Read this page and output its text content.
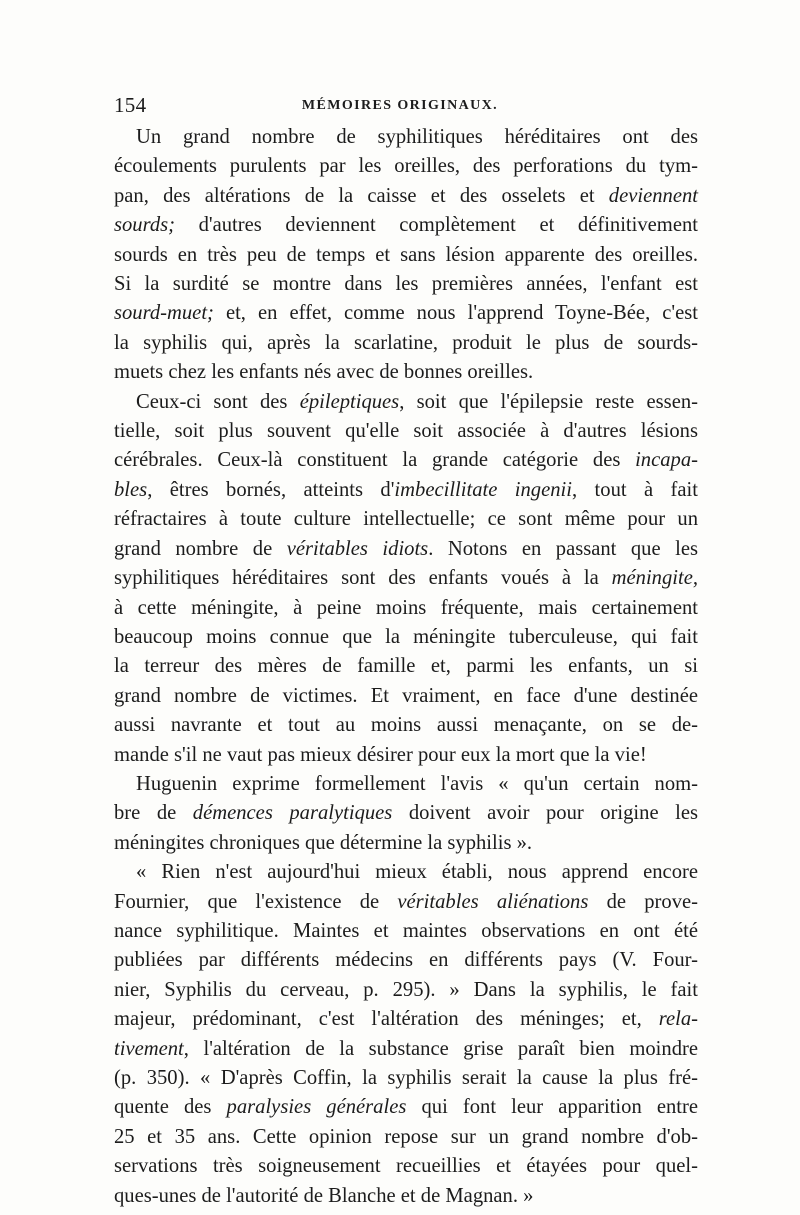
154	MÉMOIRES ORIGINAUX.
Un grand nombre de syphilitiques héréditaires ont des
écoulements purulents par les oreilles, des perforations du tym-
pan, des altérations de la caisse et des osselets et deviennent
sourds; d'autres deviennent complètement et définitivement
sourds en très peu de temps et sans lésion apparente des oreilles.
Si la surdité se montre dans les premières années, l'enfant est
sourd-muet; et, en effet, comme nous l'apprend Toyne-Bée, c'est
la syphilis qui, après la scarlatine, produit le plus de sourds-
muets chez les enfants nés avec de bonnes oreilles.
Ceux-ci sont des épileptiques, soit que l'épilepsie reste essen-
tielle, soit plus souvent qu'elle soit associée à d'autres lésions
cérébrales. Ceux-là constituent la grande catégorie des incapa-
bles, êtres bornés, atteints d'imbecillitate ingenii, tout à fait
réfractaires à toute culture intellectuelle; ce sont même pour un
grand nombre de véritables idiots. Notons en passant que les
syphilitiques héréditaires sont des enfants voués à la méningite,
à cette méningite, à peine moins fréquente, mais certainement
beaucoup moins connue que la méningite tuberculeuse, qui fait
la terreur des mères de famille et, parmi les enfants, un si
grand nombre de victimes. Et vraiment, en face d'une destinée
aussi navrante et tout au moins aussi menaçante, on se de-
mande s'il ne vaut pas mieux désirer pour eux la mort que la vie!
Huguenin exprime formellement l'avis « qu'un certain nom-
bre de démences paralytiques doivent avoir pour origine les
méningites chroniques que détermine la syphilis ».
« Rien n'est aujourd'hui mieux établi, nous apprend encore
Fournier, que l'existence de véritables aliénations de prove-
nance syphilitique. Maintes et maintes observations en ont été
publiées par différents médecins en différents pays (V. Four-
nier, Syphilis du cerveau, p. 295). » Dans la syphilis, le fait
majeur, prédominant, c'est l'altération des méninges; et, rela-
tivement, l'altération de la substance grise paraît bien moindre
(p. 350). « D'après Coffin, la syphilis serait la cause la plus fré-
quente des paralysies générales qui font leur apparition entre
25 et 35 ans. Cette opinion repose sur un grand nombre d'ob-
servations très soigneusement recueillies et étayées pour quel-
ques-unes de l'autorité de Blanche et de Magnan. »
